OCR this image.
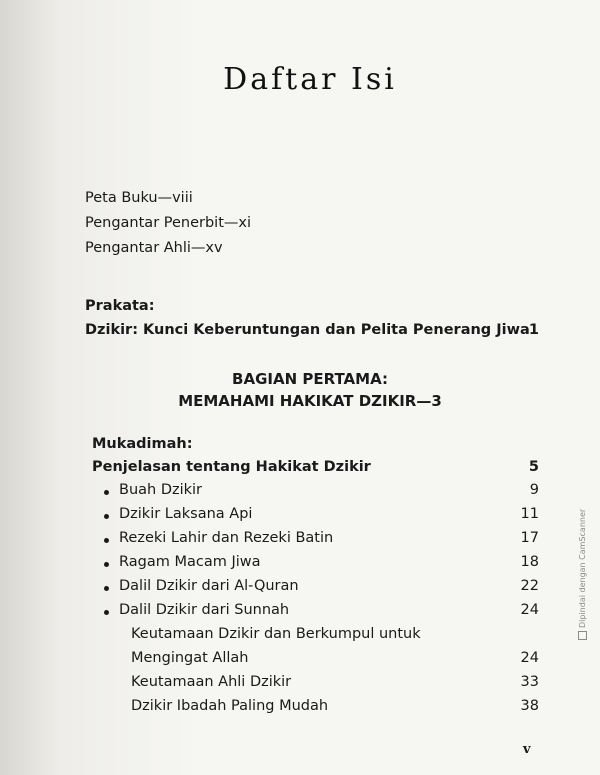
Daftar Isi
Peta Buku—viii
Pengantar Penerbit—xi
Pengantar Ahli—xv
Prakata:
Dzikir: Kunci Keberuntungan dan Pelita Penerang Jiwa 1
BAGIAN PERTAMA:
MEMAHAMI HAKIKAT DZIKIR—3
Mukadimah:
Penjelasan tentang Hakikat Dzikir	5
Buah Dzikir	9
Dzikir Laksana Api	11
Rezeki Lahir dan Rezeki Batin	17
Ragam Macam Jiwa	18
Dalil Dzikir dari Al-Quran	22
Dalil Dzikir dari Sunnah	24
Keutamaan Dzikir dan Berkumpul untuk
Mengingat Allah	24
Keutamaan Ahli Dzikir	33
Dzikir Ibadah Paling Mudah	38
v
Dipindai dengan CamScanner
